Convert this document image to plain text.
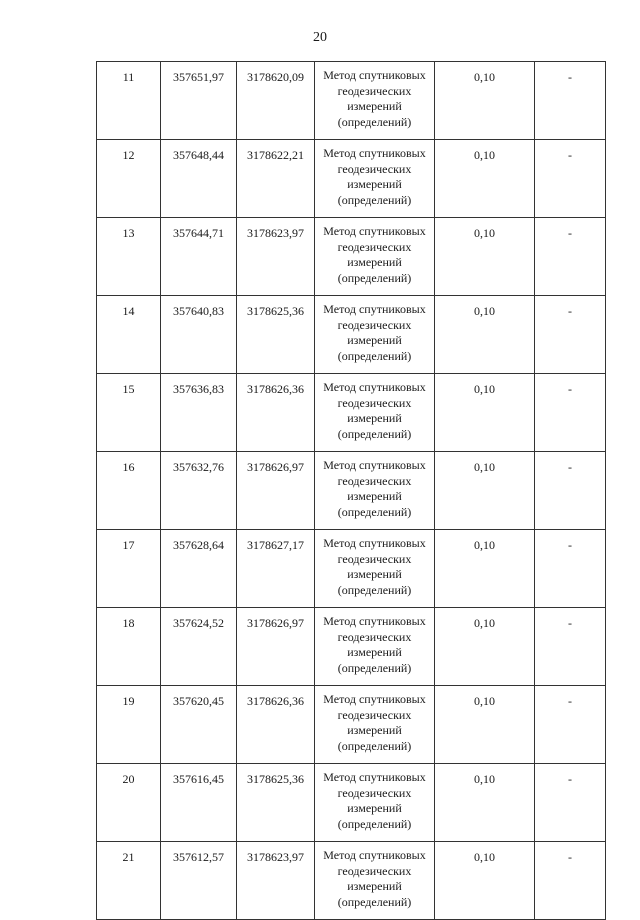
20
11	357651,97	3178620,09	Метод спутниковых
геодезических
измерений
(определений)	0,10	-
12	357648,44	3178622,21	Метод спутниковых
геодезических
измерений
(определений)	0,10	-
13	357644,71	3178623,97	Метод спутниковых
геодезических
измерений
(определений)	0,10	-
14	357640,83	3178625,36	Метод спутниковых
геодезических
измерений
(определений)	0,10	-
15	357636,83	3178626,36	Метод спутниковых
геодезических
измерений
(определений)	0,10	-
16	357632,76	3178626,97	Метод спутниковых
геодезических
измерений
(определений)	0,10	-
17	357628,64	3178627,17	Метод спутниковых
геодезических
измерений
(определений)	0,10	-
18	357624,52	3178626,97	Метод спутниковых
геодезических
измерений
(определений)	0,10	-
19	357620,45	3178626,36	Метод спутниковых
геодезических
измерений
(определений)	0,10	-
20	357616,45	3178625,36	Метод спутниковых
геодезических
измерений
(определений)	0,10	-
21	357612,57	3178623,97	Метод спутниковых
геодезических
измерений
(определений)	0,10	-
